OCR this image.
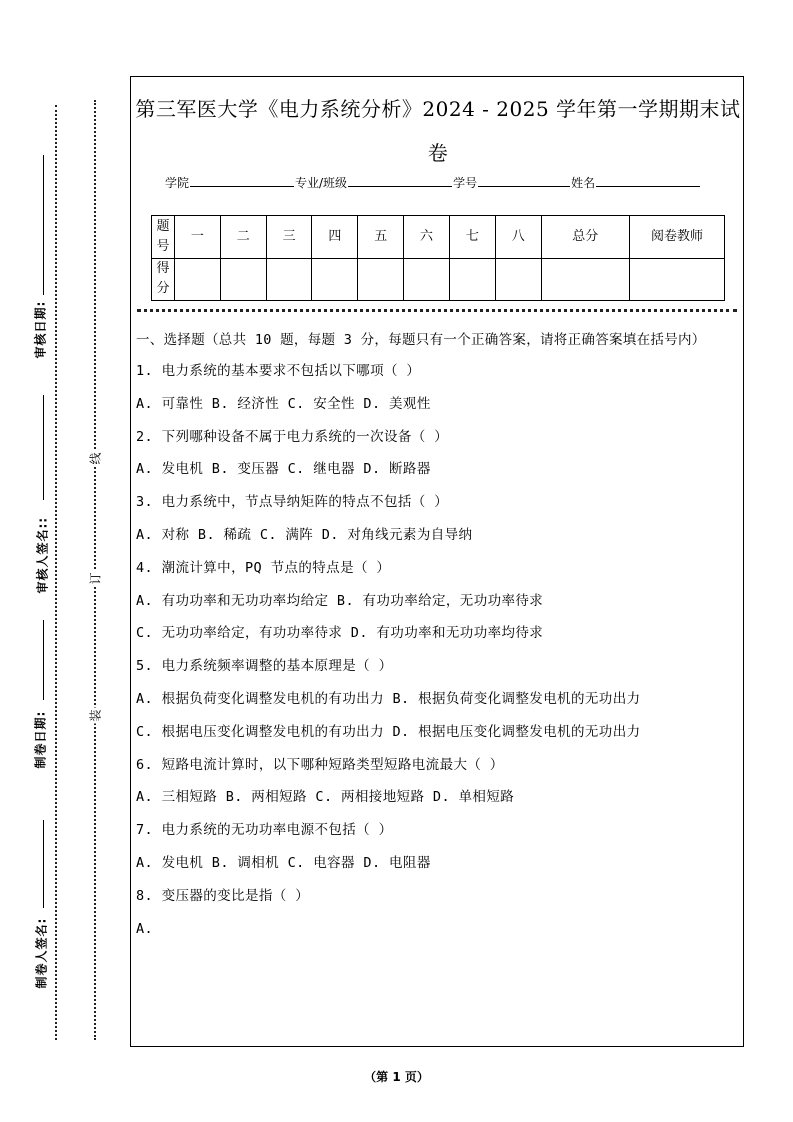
审核日期:
审核人签名::
制卷日期:
制卷人签名:
线
订
装
第三军医大学《电力系统分析》2024 - 2025 学年第一学期期末试
卷
学院	专业/班级	学号	姓名
题号	一	二	三	四	五	六	七	八	总分	阅卷教师
得分										
一、选择题（总共 10 题，每题 3 分，每题只有一个正确答案，请将正确答案填在括号内）
1. 电力系统的基本要求不包括以下哪项（ ）
A. 可靠性 B. 经济性 C. 安全性 D. 美观性
2. 下列哪种设备不属于电力系统的一次设备（ ）
A. 发电机 B. 变压器 C. 继电器 D. 断路器
3. 电力系统中，节点导纳矩阵的特点不包括（ ）
A. 对称 B. 稀疏 C. 满阵 D. 对角线元素为自导纳
4. 潮流计算中，PQ 节点的特点是（ ）
A. 有功功率和无功功率均给定 B. 有功功率给定，无功功率待求
C. 无功功率给定，有功功率待求 D. 有功功率和无功功率均待求
5. 电力系统频率调整的基本原理是（ ）
A. 根据负荷变化调整发电机的有功出力 B. 根据负荷变化调整发电机的无功出力
C. 根据电压变化调整发电机的有功出力 D. 根据电压变化调整发电机的无功出力
6. 短路电流计算时，以下哪种短路类型短路电流最大（ ）
A. 三相短路 B. 两相短路 C. 两相接地短路 D. 单相短路
7. 电力系统的无功功率电源不包括（ ）
A. 发电机 B. 调相机 C. 电容器 D. 电阻器
8. 变压器的变比是指（ ）
A.
（第 1 页）
